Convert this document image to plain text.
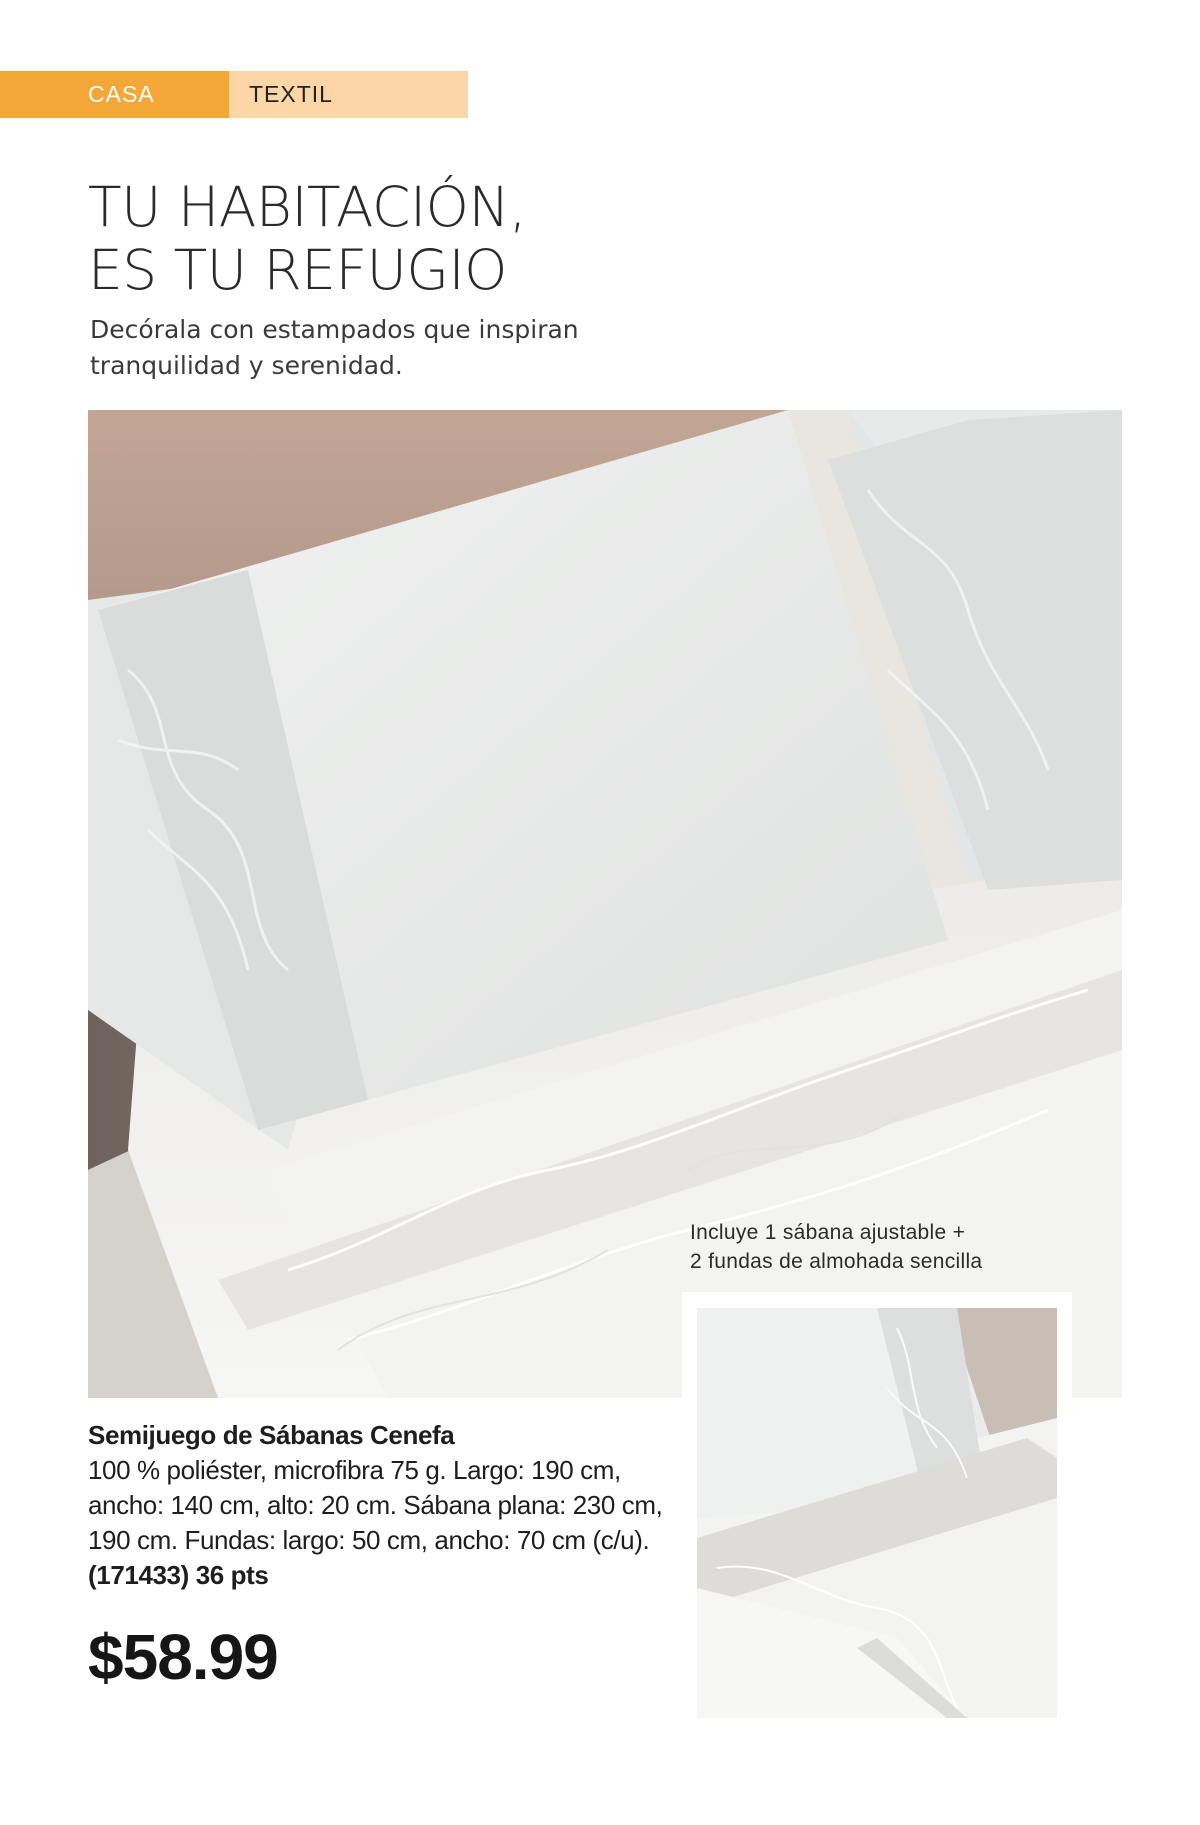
CASA	TEXTIL
TU HABITACIÓN,
ES TU REFUGIO

Decórala con estampados que inspiran
tranquilidad y serenidad.

Incluye 1 sábana ajustable +
2 fundas de almohada sencilla
Semijuego de Sábanas Cenefa
100 % poliéster, microfibra 75 g. Largo: 190 cm, ancho: 140 cm, alto: 20 cm. Sábana plana: 230 cm, 190 cm. Fundas: largo: 50 cm, ancho: 70 cm (c/u). (171433) 36 pts
$58.99
